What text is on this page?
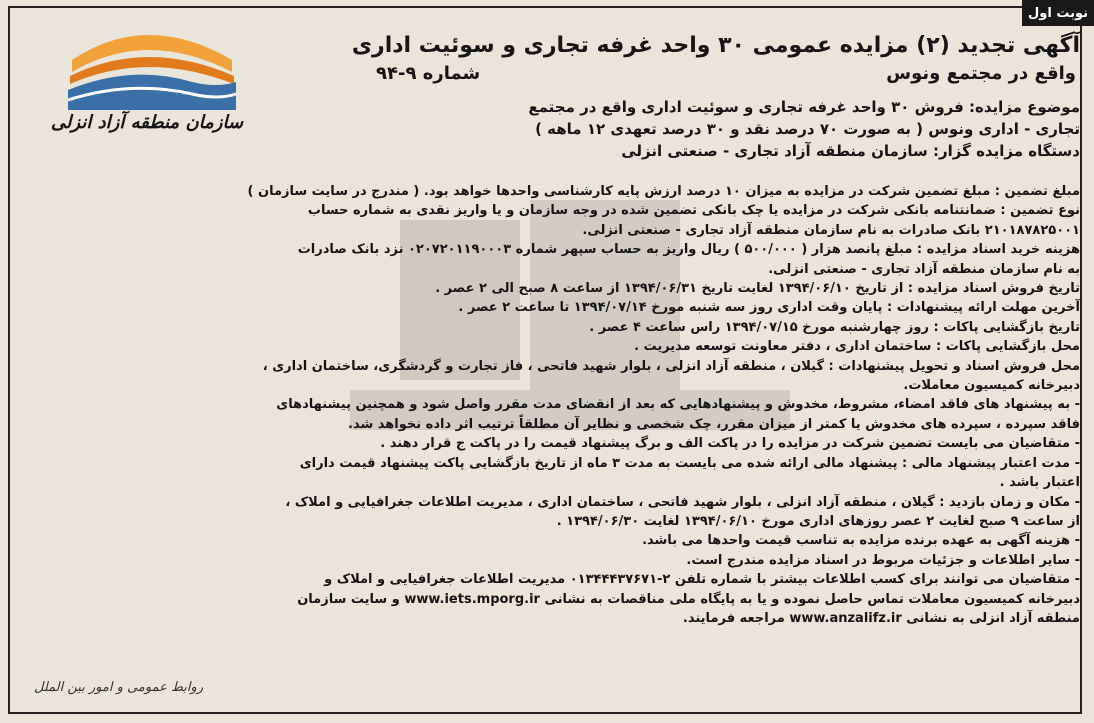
نوبت اول
سازمان منطقه آزاد انزلی
آگهی تجدید (۲) مزایده عمومی ۳۰ واحد غرفه تجاری و سوئیت اداری
واقع در مجتمع ونوس
شماره ۹-۹۴
موضوع مزایده: فروش ۳۰ واحد غرفه تجاری و سوئیت اداری واقع در مجتمع
تجاری - اداری ونوس ( به صورت ۷۰ درصد نقد و ۳۰ درصد تعهدی ۱۲ ماهه )
دستگاه مزایده گزار: سازمان منطقه آزاد تجاری - صنعتی انزلی

مبلغ تضمین : مبلغ تضمین شرکت در مزایده به میزان ۱۰ درصد ارزش پایه کارشناسی واحدها خواهد بود. ( مندرج در سایت سازمان )

نوع تضمین : ضمانتنامه بانکی شرکت در مزایده یا چک بانکی تضمین شده در وجه سازمان و یا واریز نقدی به شماره حساب

۲۱۰۱۸۷۸۲۵۰۰۱ بانک صادرات به نام سازمان منطقه آزاد تجاری - صنعتی انزلی.

هزینه خرید اسناد مزایده : مبلغ پانصد هزار ( ۵۰۰/۰۰۰ ) ریال واریز به حساب سپهر شماره ۰۲۰۷۲۰۱۱۹۰۰۰۳ نزد بانک صادرات

به نام سازمان منطقه آزاد تجاری - صنعتی انزلی.

تاریخ فروش اسناد مزایده : از تاریخ ۱۳۹۴/۰۶/۱۰ لغایت تاریخ ۱۳۹۴/۰۶/۳۱ از ساعت ۸ صبح الی ۲ عصر .

آخرین مهلت ارائه پیشنهادات : پایان وقت اداری روز سه شنبه مورخ ۱۳۹۴/۰۷/۱۴ تا ساعت ۲ عصر .

تاریخ بازگشایی پاکات : روز چهارشنبه مورخ ۱۳۹۴/۰۷/۱۵ راس ساعت ۴ عصر .

محل بازگشایی پاکات : ساختمان اداری ، دفتر معاونت توسعه مدیریت .

محل فروش اسناد و تحویل پیشنهادات : گیلان ، منطقه آزاد انزلی ، بلوار شهید فاتحی ، فاز تجارت و گردشگری، ساختمان اداری ،

دبیرخانه کمیسیون معاملات.

- به پیشنهاد های فاقد امضاء، مشروط، مخدوش و پیشنهادهایی که بعد از انقضای مدت مقرر واصل شود و همچنین پیشنهادهای

فاقد سپرده ، سپرده های مخدوش یا کمتر از میزان مقرر، چک شخصی و نظایر آن مطلقاً ترتیب اثر داده نخواهد شد.

- متقاضیان می بایست تضمین شرکت در مزایده را در پاکت الف و برگ پیشنهاد قیمت را در پاکت ج قرار دهند .

- مدت اعتبار پیشنهاد مالی : پیشنهاد مالی ارائه شده می بایست به مدت ۳ ماه از تاریخ بازگشایی پاکت پیشنهاد قیمت دارای

اعتبار باشد .

- مکان و زمان بازدید : گیلان ، منطقه آزاد انزلی ، بلوار شهید فاتحی ، ساختمان اداری ، مدیریت اطلاعات جغرافیایی و املاک ،

از ساعت ۹ صبح لغایت ۲ عصر روزهای اداری مورخ ۱۳۹۴/۰۶/۱۰ لغایت ۱۳۹۴/۰۶/۳۰ .

- هزینه آگهی به عهده برنده مزایده به تناسب قیمت واحدها می باشد.

- سایر اطلاعات و جزئیات مربوط در اسناد مزایده مندرج است.

- متقاضیان می توانند برای کسب اطلاعات بیشتر با شماره تلفن ۲-۰۱۳۴۴۴۳۷۶۷۱ مدیریت اطلاعات جغرافیایی و املاک و

دبیرخانه کمیسیون معاملات تماس حاصل نموده و یا به پایگاه ملی مناقصات به نشانی www.iets.mporg.ir و سایت سازمان

منطقه آزاد انزلی به نشانی www.anzalifz.ir مراجعه فرمایند.

روابط عمومی و امور بین الملل
